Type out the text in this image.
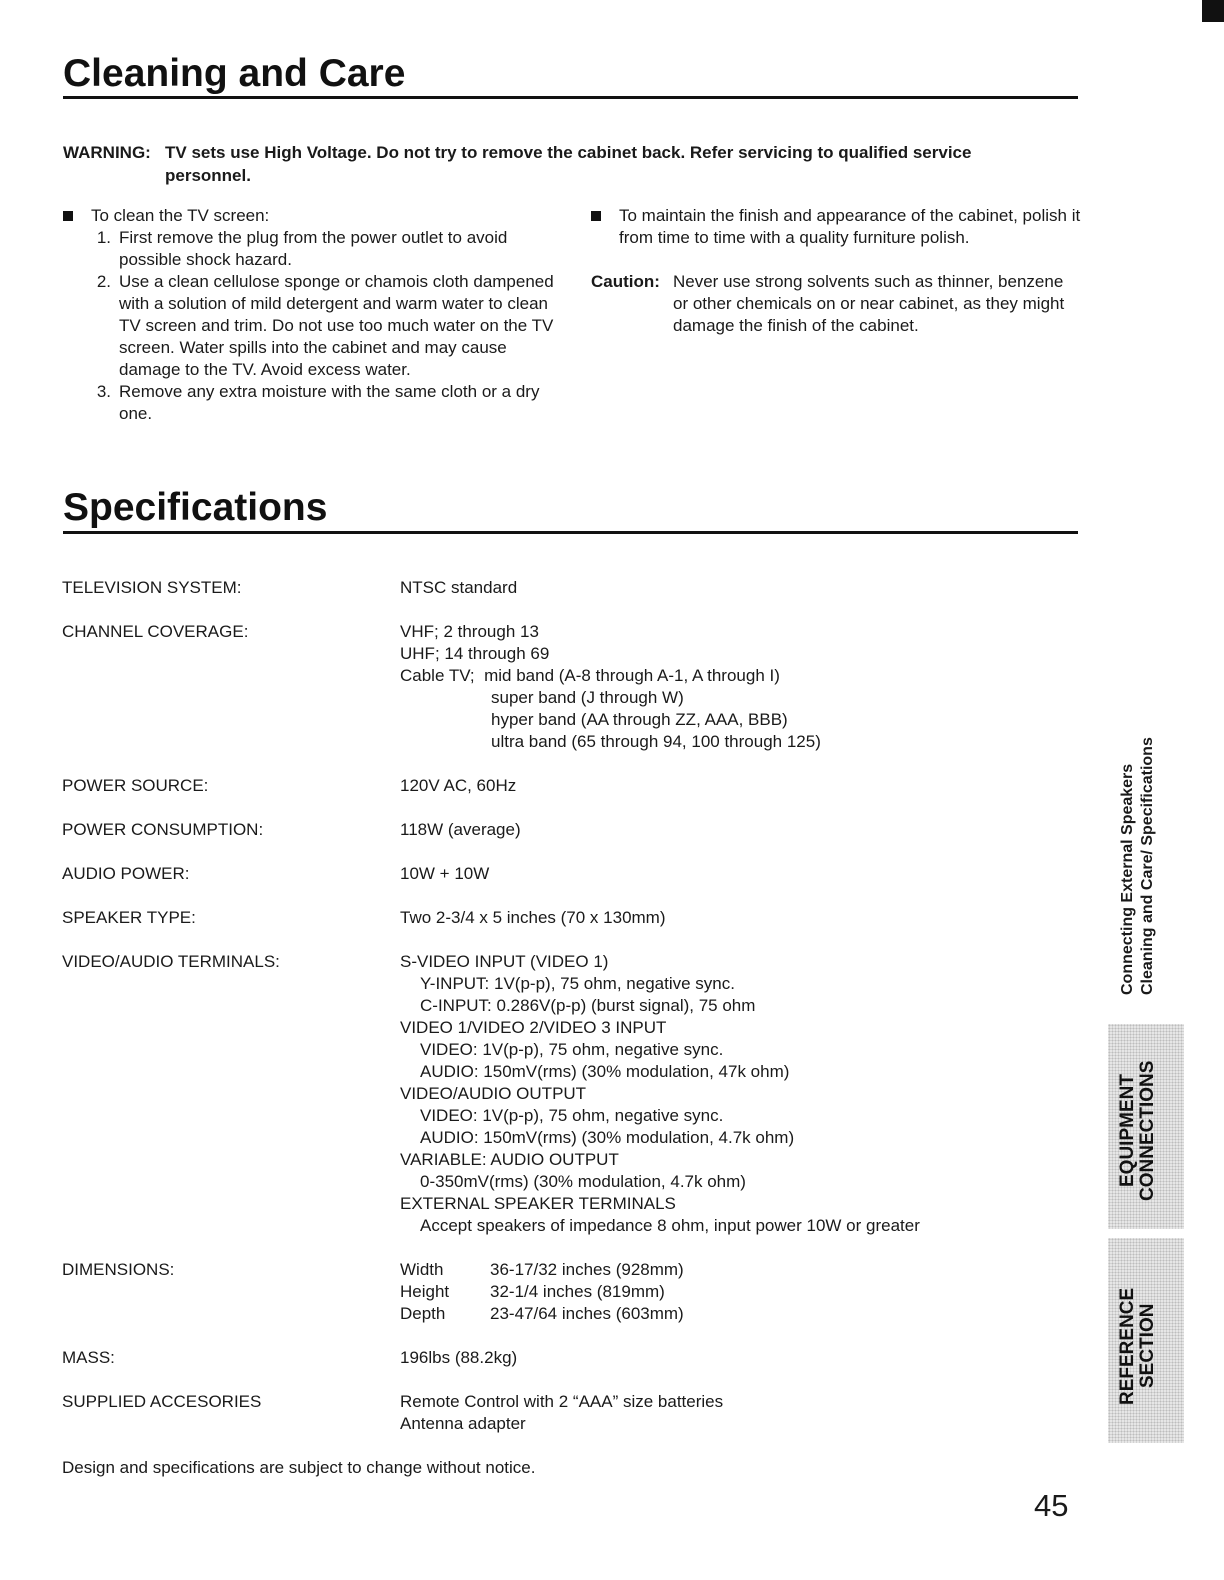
Cleaning and Care
WARNING: TV sets use High Voltage. Do not try to remove the cabinet back. Refer servicing to qualified service
personnel.
To clean the TV screen:
1. First remove the plug from the power outlet to avoid possible shock hazard.
2. Use a clean cellulose sponge or chamois cloth dampened with a solution of mild detergent and warm water to clean TV screen and trim. Do not use too much water on the TV screen. Water spills into the cabinet and may cause damage to the TV. Avoid excess water.
3. Remove any extra moisture with the same cloth or a dry one.
To maintain the finish and appearance of the cabinet, polish it from time to time with a quality furniture polish.
Caution: Never use strong solvents such as thinner, benzene or other chemicals on or near cabinet, as they might damage the finish of the cabinet.
Specifications
TELEVISION SYSTEM:	NTSC standard
CHANNEL COVERAGE:	VHF; 2 through 13
UHF; 14 through 69
Cable TV;  mid band (A-8 through A-1, A through I)
super band (J through W)
hyper band (AA through ZZ, AAA, BBB)
ultra band (65 through 94, 100 through 125)
POWER SOURCE:	120V AC, 60Hz
POWER CONSUMPTION:	118W (average)
AUDIO POWER:	10W + 10W
SPEAKER TYPE:	Two 2-3/4 x 5 inches (70 x 130mm)
VIDEO/AUDIO TERMINALS:	S-VIDEO INPUT (VIDEO 1)
Y-INPUT: 1V(p-p), 75 ohm, negative sync.
C-INPUT: 0.286V(p-p) (burst signal), 75 ohm
VIDEO 1/VIDEO 2/VIDEO 3 INPUT
VIDEO: 1V(p-p), 75 ohm, negative sync.
AUDIO: 150mV(rms) (30% modulation, 47k ohm)
VIDEO/AUDIO OUTPUT
VIDEO: 1V(p-p), 75 ohm, negative sync.
AUDIO: 150mV(rms) (30% modulation, 4.7k ohm)
VARIABLE: AUDIO OUTPUT
0-350mV(rms) (30% modulation, 4.7k ohm)
EXTERNAL SPEAKER TERMINALS
Accept speakers of impedance 8 ohm, input power 10W or greater
DIMENSIONS:	Width	36-17/32 inches (928mm)
Height	32-1/4 inches (819mm)
Depth	23-47/64 inches (603mm)
MASS:	196lbs (88.2kg)
SUPPLIED ACCESORIES	Remote Control with 2 “AAA” size batteries
Antenna adapter
Design and specifications are subject to change without notice.
45
Connecting External Speakers Cleaning and Care/ Specifications
EQUIPMENT CONNECTIONS
REFERENCE SECTION
